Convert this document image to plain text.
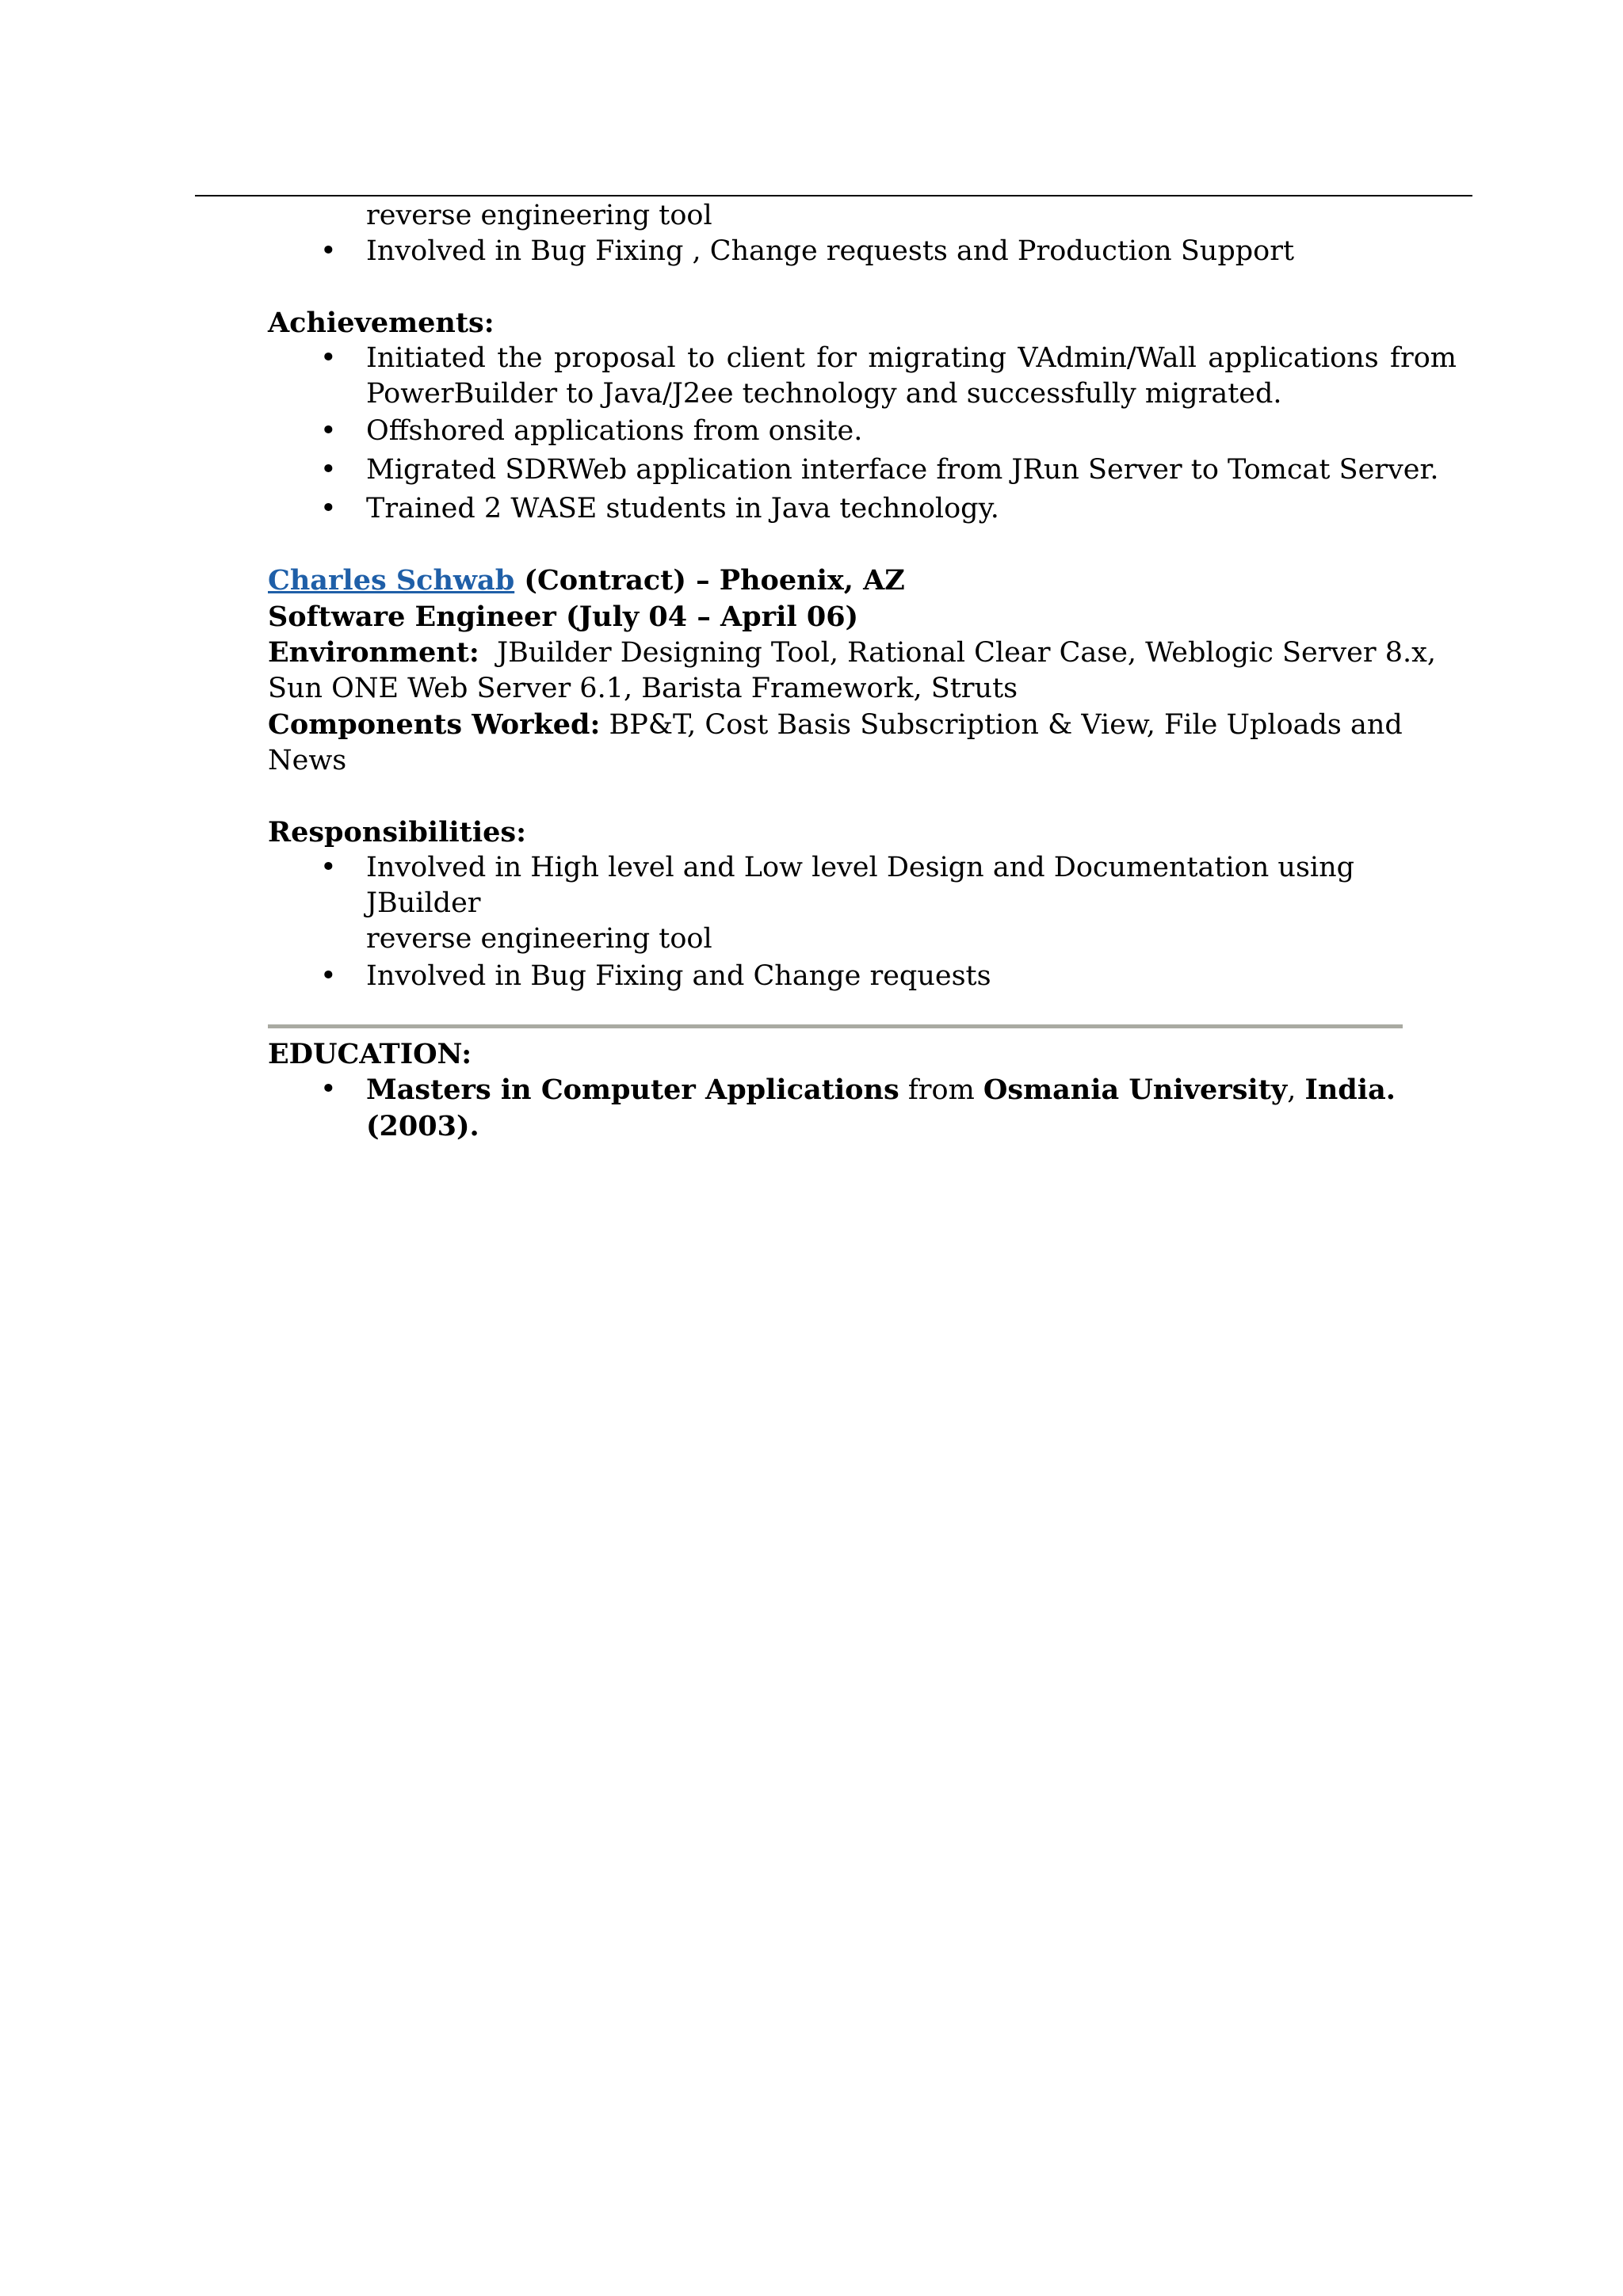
reverse engineering tool

• Involved in Bug Fixing , Change requests and Production Support

Achievements:

• Initiated the proposal to client for migrating VAdmin/Wall applications from PowerBuilder to Java/J2ee technology and successfully migrated.
• Offshored applications from onsite.
• Migrated SDRWeb application interface from JRun Server to Tomcat Server.
• Trained 2 WASE students in Java technology.

Charles Schwab (Contract) – Phoenix, AZ

Software Engineer (July 04 – April 06)

Environment:  JBuilder Designing Tool, Rational Clear Case, Weblogic Server 8.x,

Sun ONE Web Server 6.1, Barista Framework, Struts

Components Worked: BP&T, Cost Basis Subscription & View, File Uploads and News

Responsibilities:

• Involved in High level and Low level Design and Documentation using JBuilder
reverse engineering tool
• Involved in Bug Fixing and Change requests

EDUCATION:

• Masters in Computer Applications from Osmania University, India. (2003).
